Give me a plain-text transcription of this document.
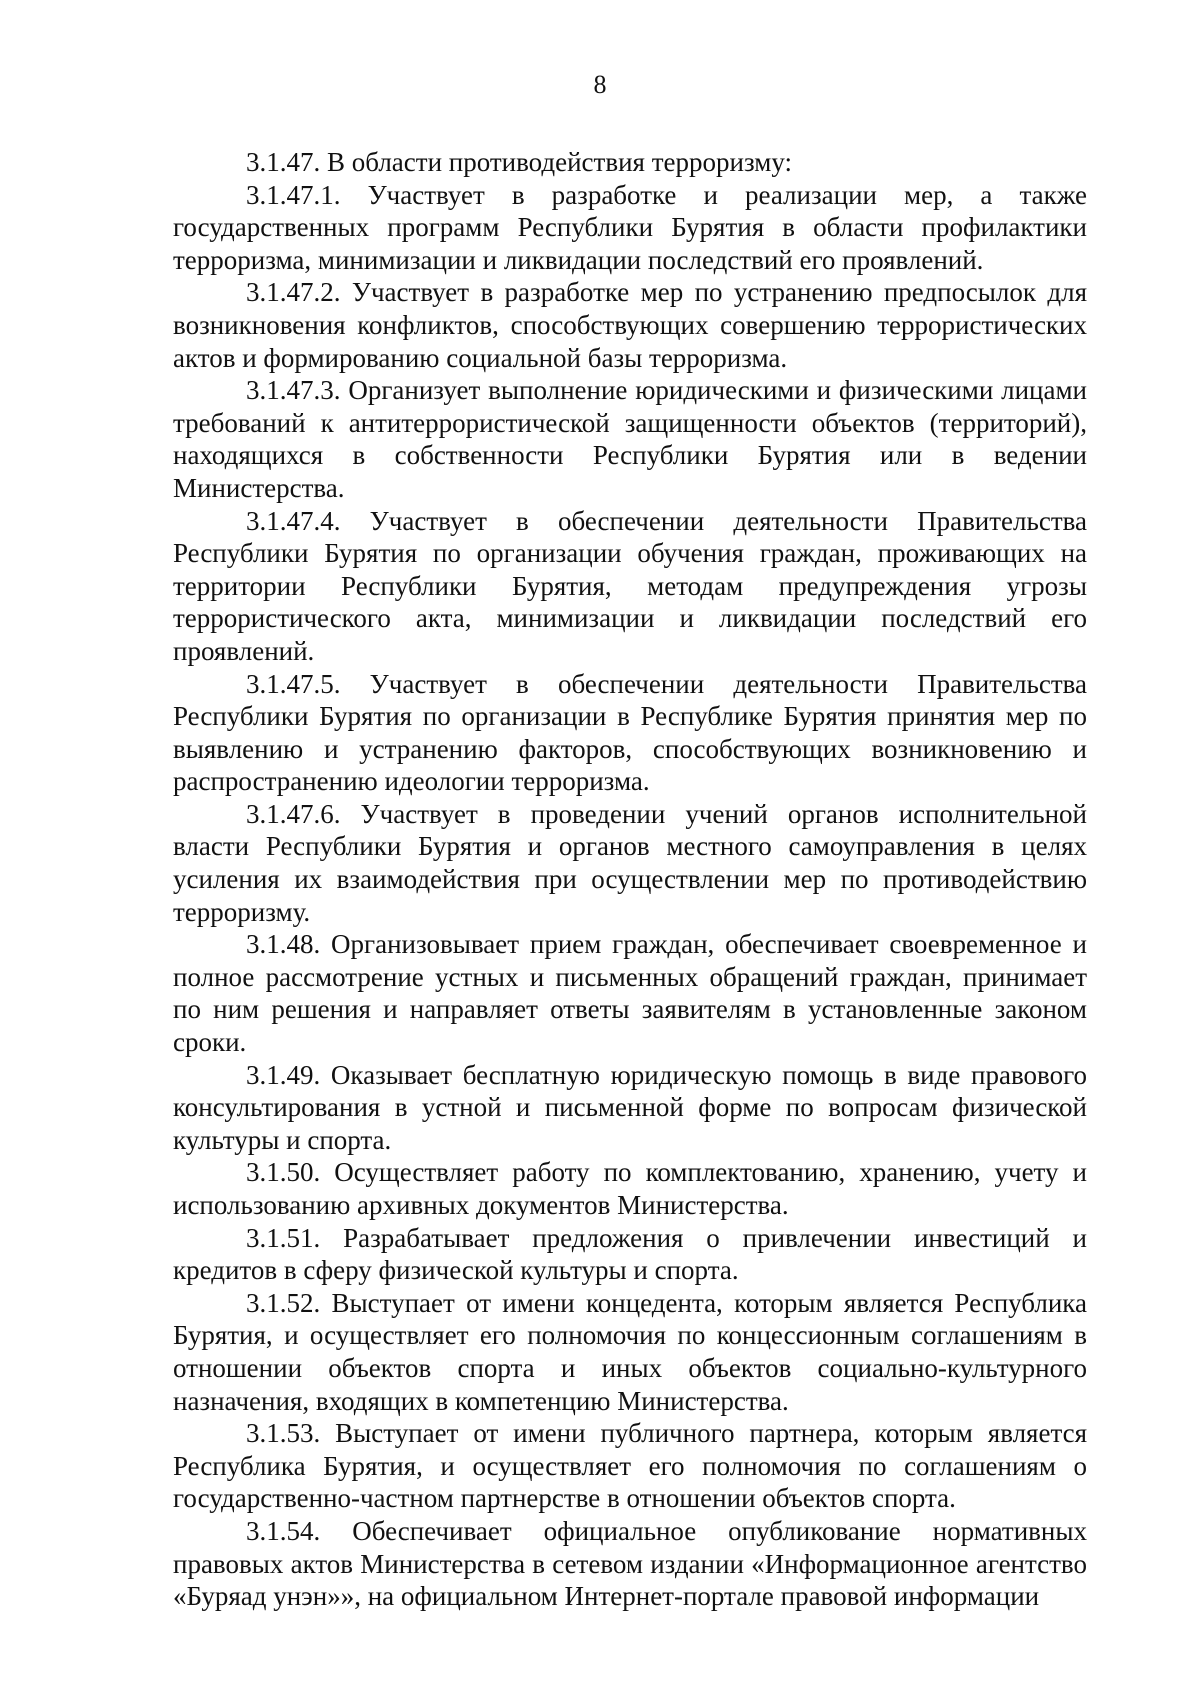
8

3.1.47. В области противодействия терроризму:

3.1.47.1. Участвует в разработке и реализации мер, а также государственных программ Республики Бурятия в области профилактики терроризма, минимизации и ликвидации последствий его проявлений.

3.1.47.2. Участвует в разработке мер по устранению предпосылок для возникновения конфликтов, способствующих совершению террористических актов и формированию социальной базы терроризма.

3.1.47.3. Организует выполнение юридическими и физическими лицами требований к антитеррористической защищенности объектов (территорий), находящихся в собственности Республики Бурятия или в ведении Министерства.

3.1.47.4. Участвует в обеспечении деятельности Правительства Республики Бурятия по организации обучения граждан, проживающих на территории Республики Бурятия, методам предупреждения угрозы террористического акта, минимизации и ликвидации последствий его проявлений.

3.1.47.5. Участвует в обеспечении деятельности Правительства Республики Бурятия по организации в Республике Бурятия принятия мер по выявлению и устранению факторов, способствующих возникновению и распространению идеологии терроризма.

3.1.47.6. Участвует в проведении учений органов исполнительной власти Республики Бурятия и органов местного самоуправления в целях усиления их взаимодействия при осуществлении мер по противодействию терроризму.

3.1.48. Организовывает прием граждан, обеспечивает своевременное и полное рассмотрение устных и письменных обращений граждан, принимает по ним решения и направляет ответы заявителям в установленные законом сроки.

3.1.49. Оказывает бесплатную юридическую помощь в виде правового консультирования в устной и письменной форме по вопросам физической культуры и спорта.

3.1.50. Осуществляет работу по комплектованию, хранению, учету и использованию архивных документов Министерства.

3.1.51. Разрабатывает предложения о привлечении инвестиций и кредитов в сферу физической культуры и спорта.

3.1.52. Выступает от имени концедента, которым является Республика Бурятия, и осуществляет его полномочия по концессионным соглашениям в отношении объектов спорта и иных объектов социально-культурного назначения, входящих в компетенцию Министерства.

3.1.53. Выступает от имени публичного партнера, которым является Республика Бурятия, и осуществляет его полномочия по соглашениям о государственно-частном партнерстве в отношении объектов спорта.

3.1.54. Обеспечивает официальное опубликование нормативных правовых актов Министерства в сетевом издании «Информационное агентство «Буряад унэн»», на официальном Интернет-портале правовой информации
